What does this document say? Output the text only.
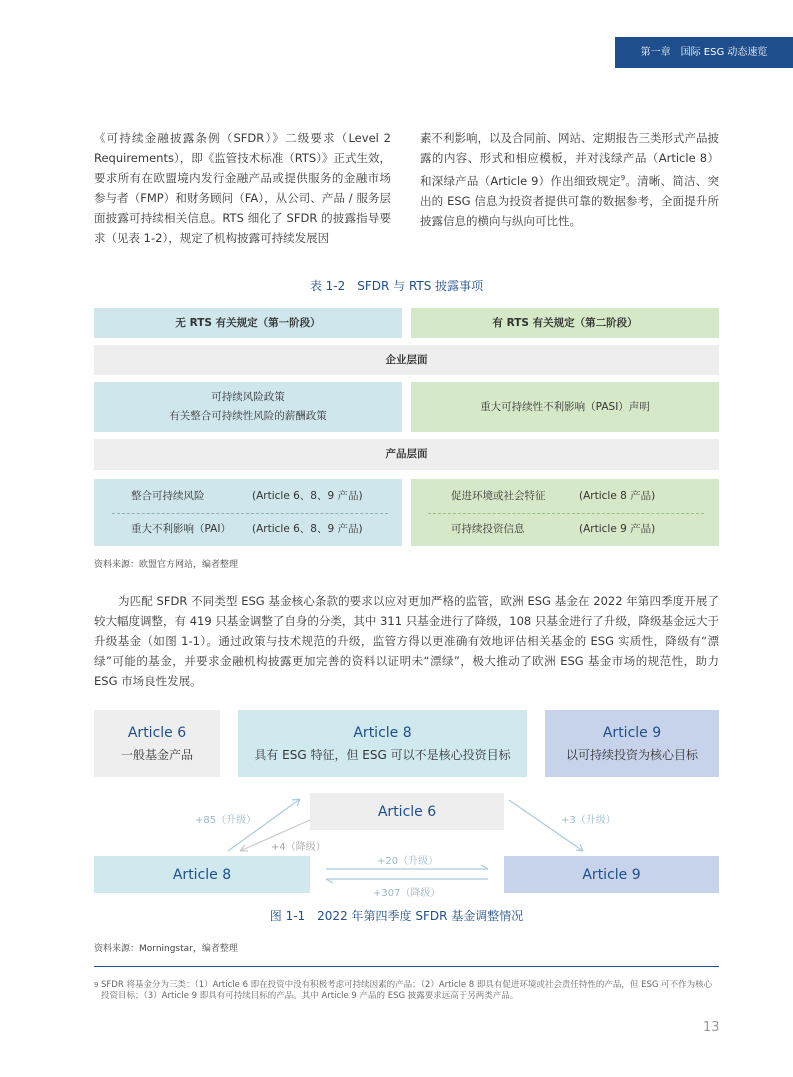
第一章　国际 ESG 动态速览
《可持续金融披露条例（SFDR）》二级要求（Level 2 Requirements），即《监管技术标准（RTS）》正式生效，要求所有在欧盟境内发行金融产品或提供服务的金融市场参与者（FMP）和财务顾问（FA），从公司、产品 / 服务层面披露可持续相关信息。RTS 细化了 SFDR 的披露指导要求（见表 1-2），规定了机构披露可持续发展因
素不利影响，以及合同前、网站、定期报告三类形式产品披露的内容、形式和相应模板，并对浅绿产品（Article 8）和深绿产品（Article 9）作出细致规定$^9$。清晰、简洁、突出的 ESG 信息为投资者提供可靠的数据参考，全面提升所披露信息的横向与纵向可比性。
表 1-2　SFDR 与 RTS 披露事项
无 RTS 有关规定（第一阶段）	有 RTS 有关规定（第二阶段）
企业层面
可持续风险政策
有关整合可持续性风险的薪酬政策
重大可持续性不利影响（PASI）声明
产品层面
整合可持续风险	(Article 6、8、9 产品)
重大不利影响（PAI） (Article 6、8、9 产品)
促进环境或社会特征	(Article 8 产品)
可持续投资信息	(Article 9 产品)
资料来源：欧盟官方网站，编者整理
为匹配 SFDR 不同类型 ESG 基金核心条款的要求以应对更加严格的监管，欧洲 ESG 基金在 2022 年第四季度开展了较大幅度调整，有 419 只基金调整了自身的分类，其中 311 只基金进行了降级，108 只基金进行了升级，降级基金远大于升级基金（如图 1-1）。通过政策与技术规范的升级，监管方得以更准确有效地评估相关基金的 ESG 实质性，降级有“漂绿”可能的基金，并要求金融机构披露更加完善的资料以证明未“漂绿”，极大推动了欧洲 ESG 基金市场的规范性，助力 ESG 市场良性发展。
Article 6
一般基金产品
Article 8
具有 ESG 特征，但 ESG 可以不是核心投资目标
Article 9
以可持续投资为核心目标
Article 6
Article 8	Article 9
+85（升级）
+4（降级）
+3（升级）
+20（升级）
+307（降级）
图 1-1　2022 年第四季度 SFDR 基金调整情况
资料来源：Morningstar，编者整理
9 SFDR 将基金分为三类：（1）Article 6 即在投资中没有积极考虑可持续因素的产品；（2）Article 8 即具有促进环境或社会责任特性的产品，但 ESG 可不作为核心投资目标；（3）Article 9 即具有可持续目标的产品。其中 Article 9 产品的 ESG 披露要求远高于另两类产品。
13
